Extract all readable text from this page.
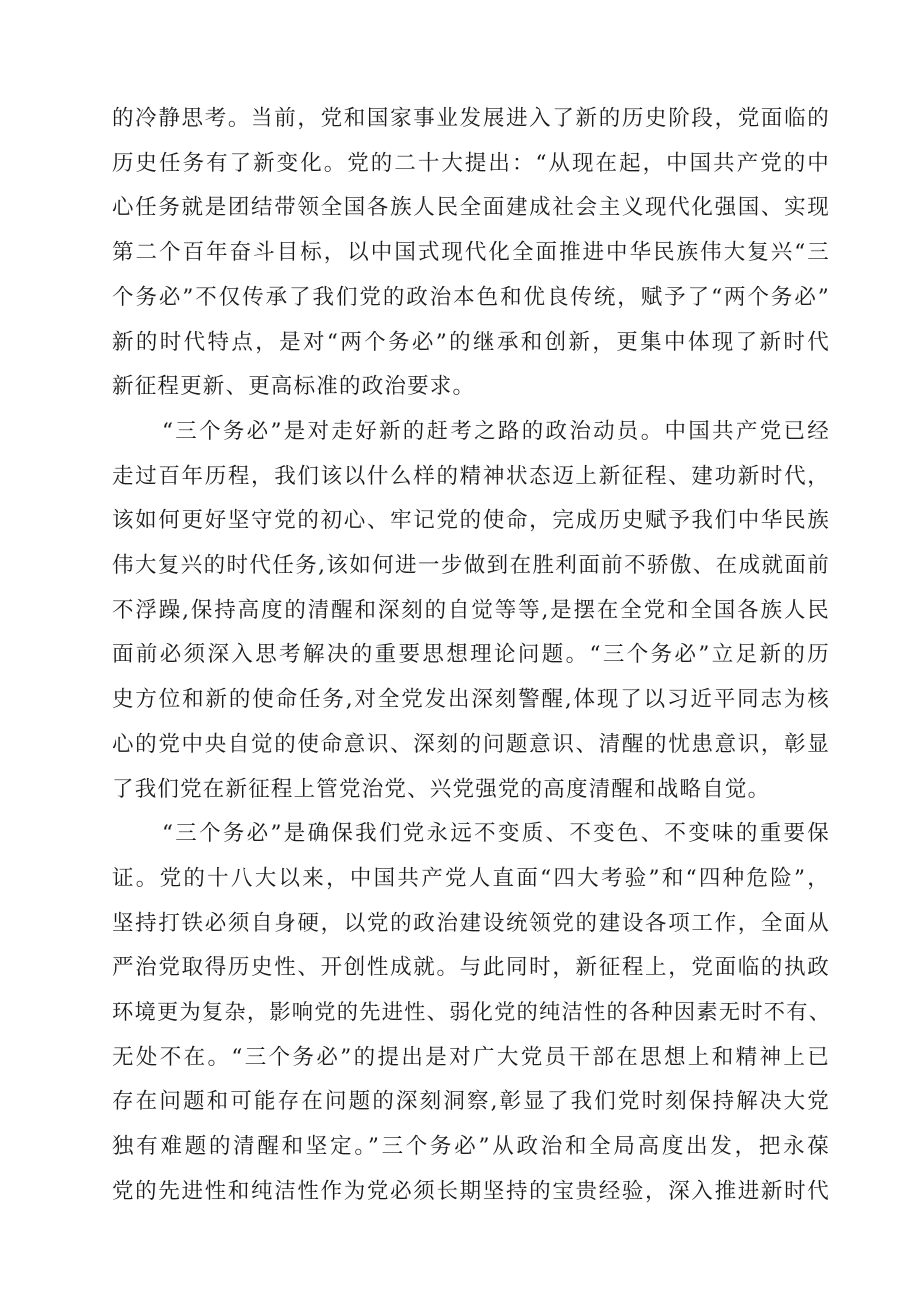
的冷静思考。当前，党和国家事业发展进入了新的历史阶段，党面临的
历史任务有了新变化。党的二十大提出：“从现在起，中国共产党的中
心任务就是团结带领全国各族人民全面建成社会主义现代化强国、实现
第二个百年奋斗目标，以中国式现代化全面推进中华民族伟大复兴“三
个务必”不仅传承了我们党的政治本色和优良传统，赋予了“两个务必”
新的时代特点，是对“两个务必”的继承和创新，更集中体现了新时代
新征程更新、更高标准的政治要求。
“三个务必”是对走好新的赶考之路的政治动员。中国共产党已经
走过百年历程，我们该以什么样的精神状态迈上新征程、建功新时代，
该如何更好坚守党的初心、牢记党的使命，完成历史赋予我们中华民族
伟大复兴的时代任务,该如何进一步做到在胜利面前不骄傲、在成就面前
不浮躁,保持高度的清醒和深刻的自觉等等,是摆在全党和全国各族人民
面前必须深入思考解决的重要思想理论问题。“三个务必”立足新的历
史方位和新的使命任务,对全党发出深刻警醒,体现了以习近平同志为核
心的党中央自觉的使命意识、深刻的问题意识、清醒的忧患意识，彰显
了我们党在新征程上管党治党、兴党强党的高度清醒和战略自觉。
“三个务必”是确保我们党永远不变质、不变色、不变味的重要保
证。党的十八大以来，中国共产党人直面“四大考验”和“四种危险”，
坚持打铁必须自身硬，以党的政治建设统领党的建设各项工作，全面从
严治党取得历史性、开创性成就。与此同时，新征程上，党面临的执政
环境更为复杂，影响党的先进性、弱化党的纯洁性的各种因素无时不有、
无处不在。“三个务必”的提出是对广大党员干部在思想上和精神上已
存在问题和可能存在问题的深刻洞察,彰显了我们党时刻保持解决大党
独有难题的清醒和坚定。”三个务必”从政治和全局高度出发，把永葆
党的先进性和纯洁性作为党必须长期坚持的宝贵经验，深入推进新时代
